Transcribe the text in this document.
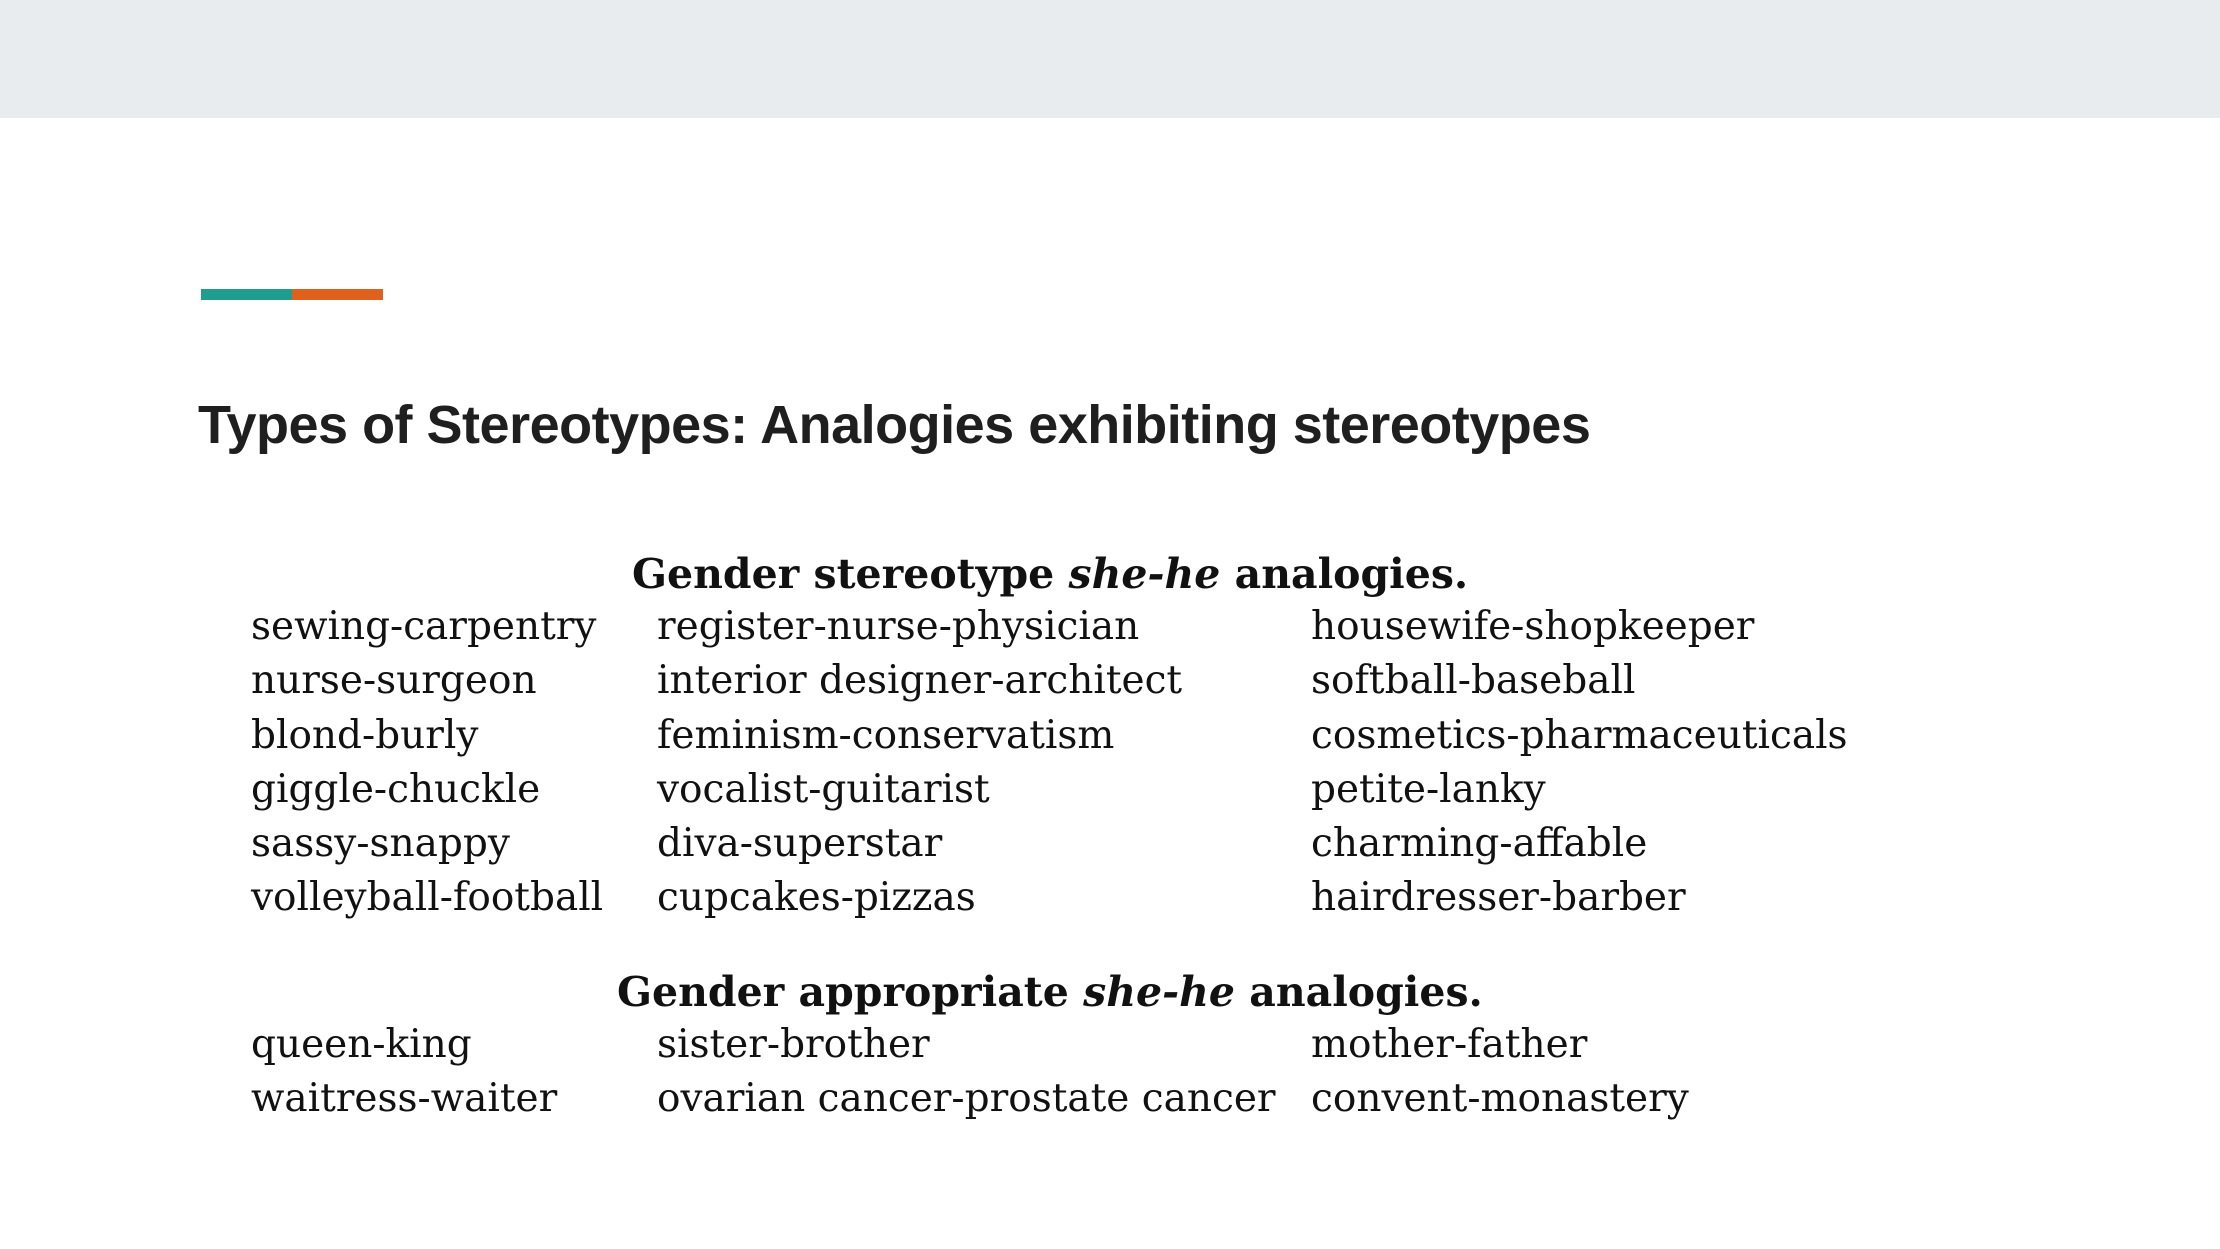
Types of Stereotypes: Analogies exhibiting stereotypes
Gender stereotype she-he analogies.
sewing-carpentry
nurse-surgeon
blond-burly
giggle-chuckle
sassy-snappy
volleyball-football
register-nurse-physician
interior designer-architect
feminism-conservatism
vocalist-guitarist
diva-superstar
cupcakes-pizzas
housewife-shopkeeper
softball-baseball
cosmetics-pharmaceuticals
petite-lanky
charming-affable
hairdresser-barber
Gender appropriate she-he analogies.
queen-king
waitress-waiter
sister-brother
ovarian cancer-prostate cancer
mother-father
convent-monastery
